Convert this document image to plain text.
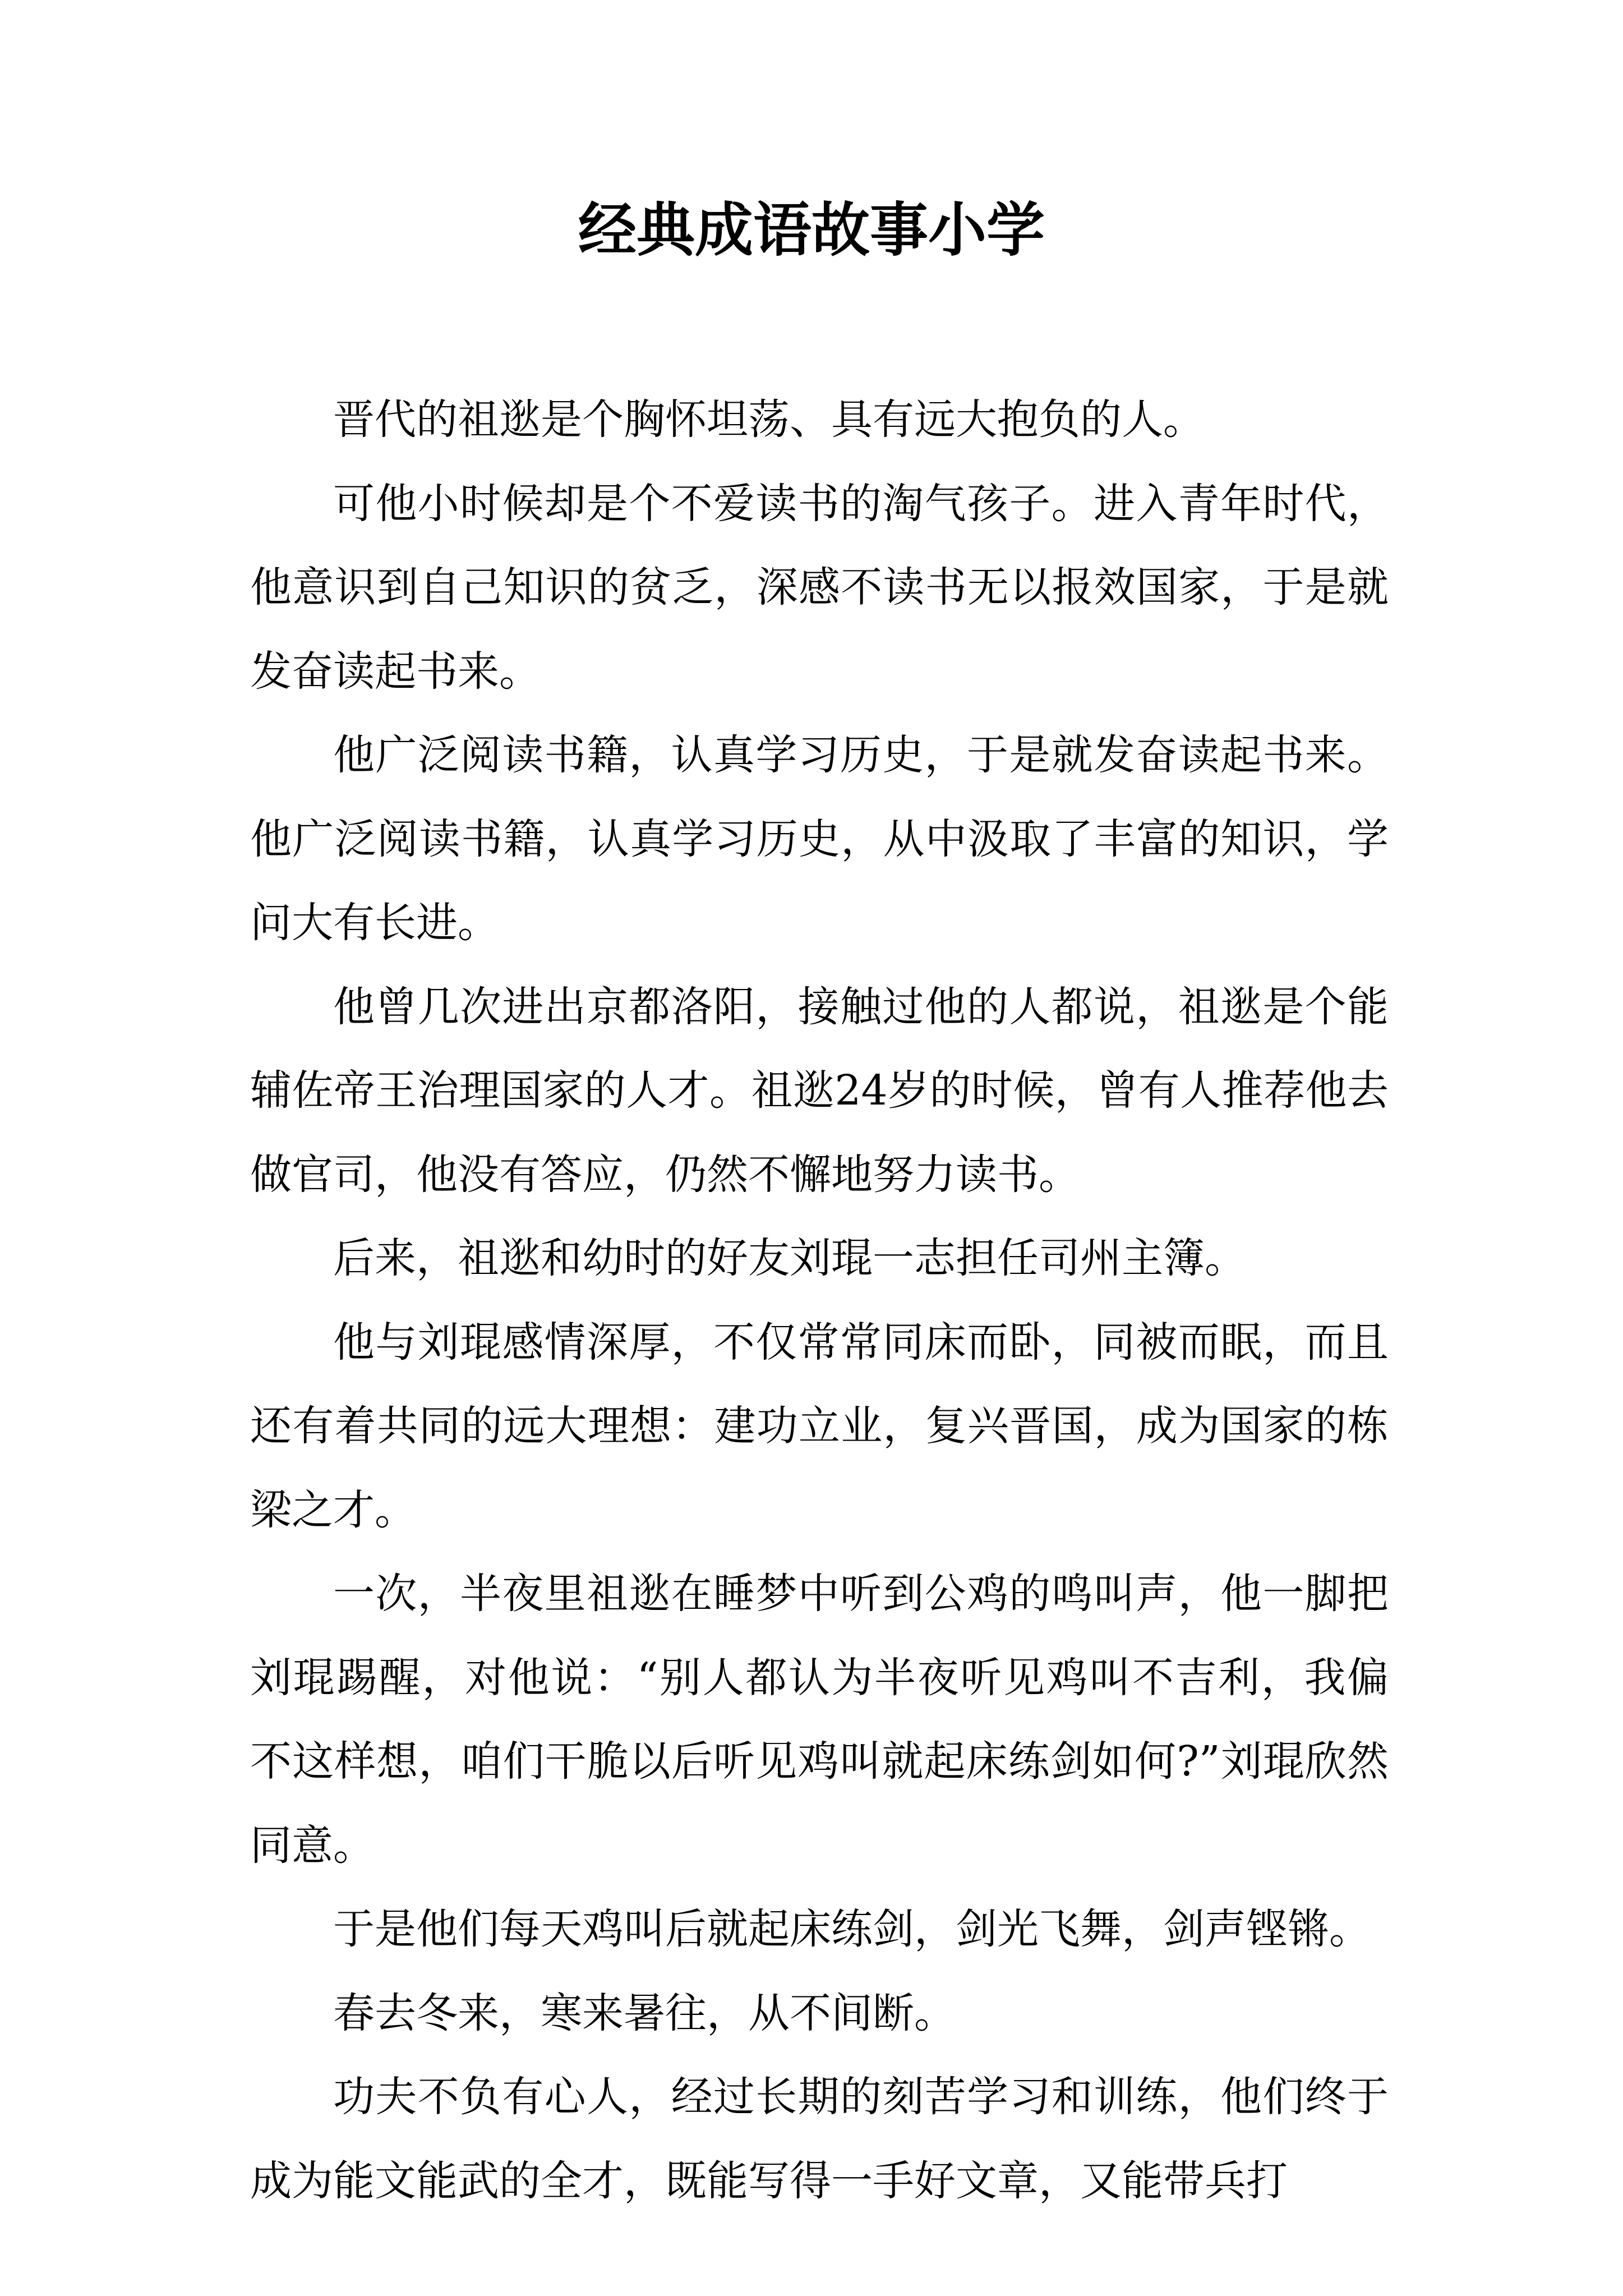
经典成语故事小学

晋代的祖逖是个胸怀坦荡、具有远大抱负的人。

可他小时候却是个不爱读书的淘气孩子。进入青年时代，他意识到自己知识的贫乏，深感不读书无以报效国家，于是就发奋读起书来。

他广泛阅读书籍，认真学习历史，于是就发奋读起书来。他广泛阅读书籍，认真学习历史，从中汲取了丰富的知识，学问大有长进。

他曾几次进出京都洛阳，接触过他的人都说，祖逖是个能辅佐帝王治理国家的人才。祖逖24岁的时候，曾有人推荐他去做官司，他没有答应，仍然不懈地努力读书。

后来，祖逖和幼时的好友刘琨一志担任司州主簿。

他与刘琨感情深厚，不仅常常同床而卧，同被而眠，而且还有着共同的远大理想：建功立业，复兴晋国，成为国家的栋梁之才。

一次，半夜里祖逖在睡梦中听到公鸡的鸣叫声，他一脚把刘琨踢醒，对他说：“别人都认为半夜听见鸡叫不吉利，我偏不这样想，咱们干脆以后听见鸡叫就起床练剑如何?”刘琨欣然同意。

于是他们每天鸡叫后就起床练剑，剑光飞舞，剑声铿锵。

春去冬来，寒来暑往，从不间断。

功夫不负有心人，经过长期的刻苦学习和训练，他们终于成为能文能武的全才，既能写得一手好文章，又能带兵打
